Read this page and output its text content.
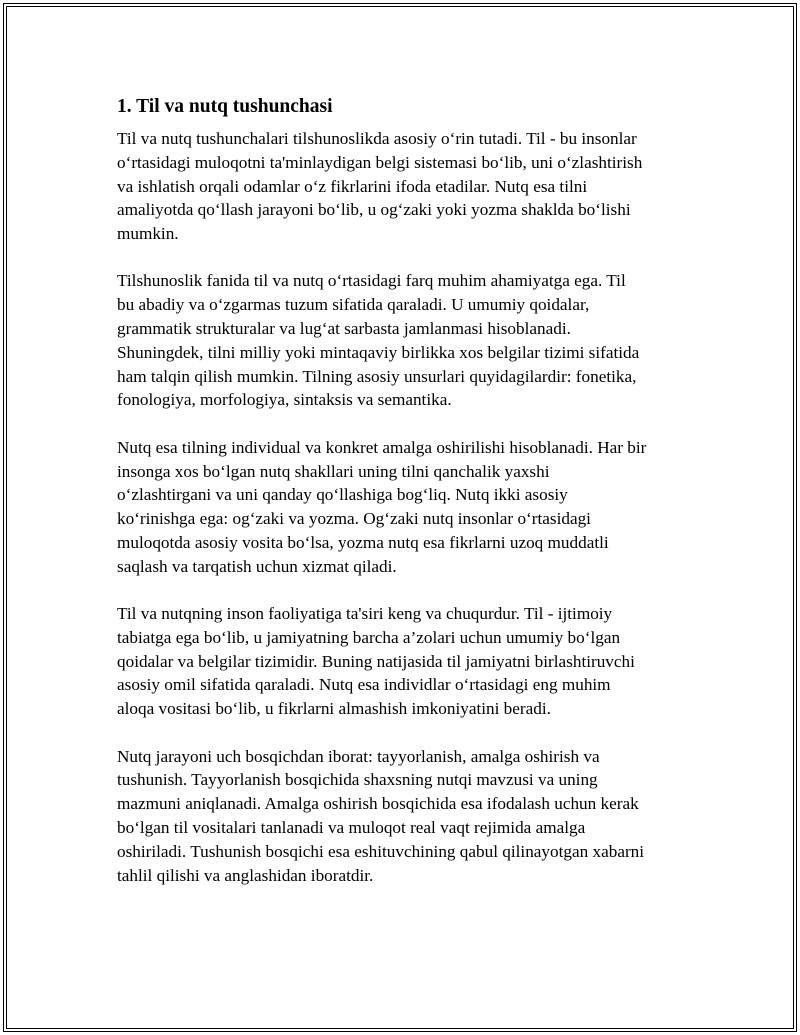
1. Til va nutq tushunchasi

Til va nutq tushunchalari tilshunoslikda asosiy o‘rin tutadi. Til - bu insonlar
o‘rtasidagi muloqotni ta'minlaydigan belgi sistemasi bo‘lib, uni o‘zlashtirish
va ishlatish orqali odamlar o‘z fikrlarini ifoda etadilar. Nutq esa tilni
amaliyotda qo‘llash jarayoni bo‘lib, u og‘zaki yoki yozma shaklda bo‘lishi
mumkin.

Tilshunoslik fanida til va nutq o‘rtasidagi farq muhim ahamiyatga ega. Til
bu abadiy va o‘zgarmas tuzum sifatida qaraladi. U umumiy qoidalar,
grammatik strukturalar va lug‘at sarbasta jamlanmasi hisoblanadi.
Shuningdek, tilni milliy yoki mintaqaviy birlikka xos belgilar tizimi sifatida
ham talqin qilish mumkin. Tilning asosiy unsurlari quyidagilardir: fonetika,
fonologiya, morfologiya, sintaksis va semantika.

Nutq esa tilning individual va konkret amalga oshirilishi hisoblanadi. Har bir
insonga xos bo‘lgan nutq shakllari uning tilni qanchalik yaxshi
o‘zlashtirgani va uni qanday qo‘llashiga bog‘liq. Nutq ikki asosiy
ko‘rinishga ega: og‘zaki va yozma. Og‘zaki nutq insonlar o‘rtasidagi
muloqotda asosiy vosita bo‘lsa, yozma nutq esa fikrlarni uzoq muddatli
saqlash va tarqatish uchun xizmat qiladi.

Til va nutqning inson faoliyatiga ta'siri keng va chuqurdur. Til - ijtimoiy
tabiatga ega bo‘lib, u jamiyatning barcha a’zolari uchun umumiy bo‘lgan
qoidalar va belgilar tizimidir. Buning natijasida til jamiyatni birlashtiruvchi
asosiy omil sifatida qaraladi. Nutq esa individlar o‘rtasidagi eng muhim
aloqa vositasi bo‘lib, u fikrlarni almashish imkoniyatini beradi.

Nutq jarayoni uch bosqichdan iborat: tayyorlanish, amalga oshirish va
tushunish. Tayyorlanish bosqichida shaxsning nutqi mavzusi va uning
mazmuni aniqlanadi. Amalga oshirish bosqichida esa ifodalash uchun kerak
bo‘lgan til vositalari tanlanadi va muloqot real vaqt rejimida amalga
oshiriladi. Tushunish bosqichi esa eshituvchining qabul qilinayotgan xabarni
tahlil qilishi va anglashidan iboratdir.
